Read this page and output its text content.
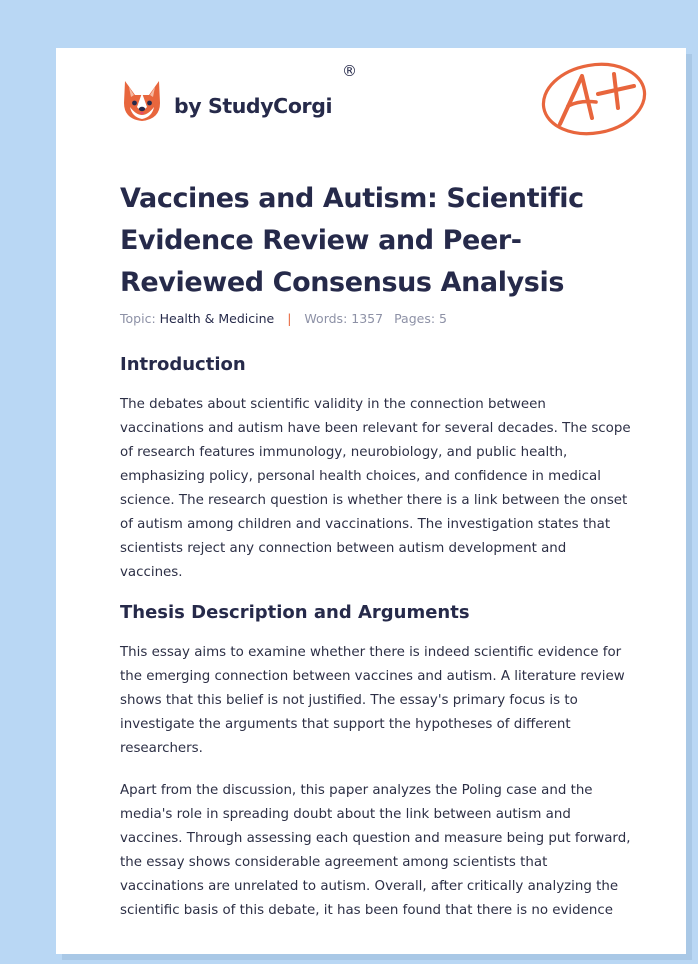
by StudyCorgi
®
Vaccines and Autism: Scientific Evidence Review and Peer-Reviewed Consensus Analysis
Topic: Health & Medicine | Words: 1357 Pages: 5
Introduction

The debates about scientific validity in the connection between vaccinations and autism have been relevant for several decades. The scope of research features immunology, neurobiology, and public health, emphasizing policy, personal health choices, and confidence in medical science. The research question is whether there is a link between the onset of autism among children and vaccinations. The investigation states that scientists reject any connection between autism development and vaccines.

Thesis Description and Arguments

This essay aims to examine whether there is indeed scientific evidence for the emerging connection between vaccines and autism. A literature review shows that this belief is not justified. The essay's primary focus is to investigate the arguments that support the hypotheses of different researchers.

Apart from the discussion, this paper analyzes the Poling case and the media's role in spreading doubt about the link between autism and vaccines. Through assessing each question and measure being put forward, the essay shows considerable agreement among scientists that vaccinations are unrelated to autism. Overall, after critically analyzing the scientific basis of this debate, it has been found that there is no evidence
